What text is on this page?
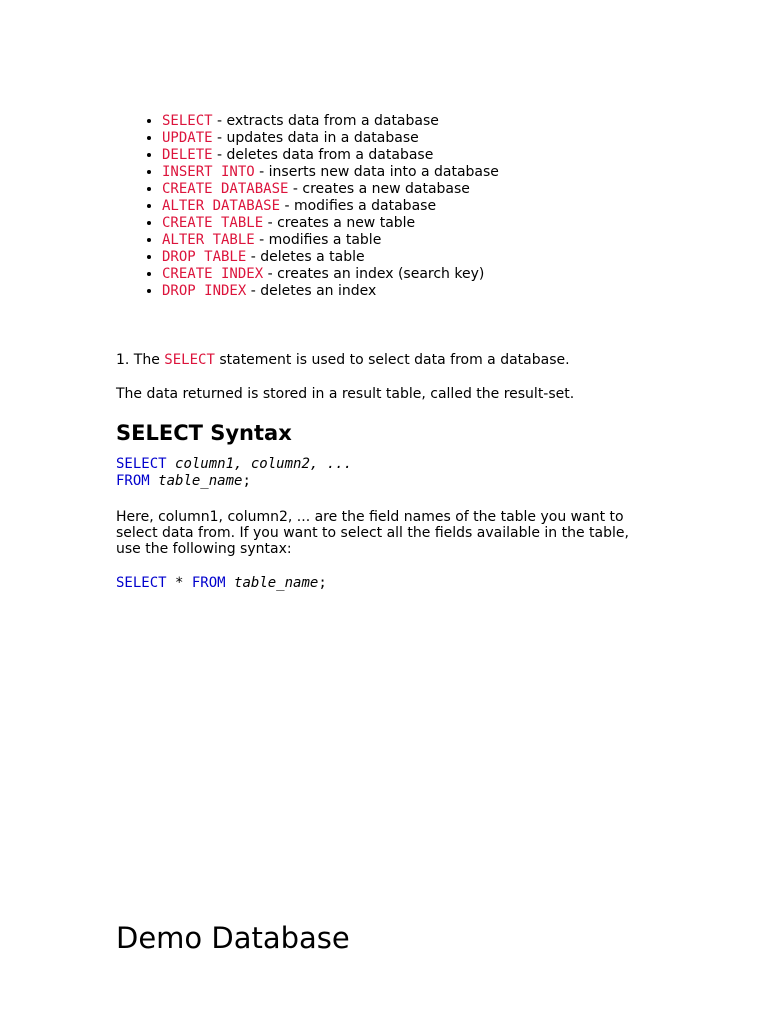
• SELECT - extracts data from a database
• UPDATE - updates data in a database
• DELETE - deletes data from a database
• INSERT INTO - inserts new data into a database
• CREATE DATABASE - creates a new database
• ALTER DATABASE - modifies a database
• CREATE TABLE - creates a new table
• ALTER TABLE - modifies a table
• DROP TABLE - deletes a table
• CREATE INDEX - creates an index (search key)
• DROP INDEX - deletes an index

1. The SELECT statement is used to select data from a database.

The data returned is stored in a result table, called the result-set.

SELECT Syntax
SELECT column1, column2, ...
FROM table_name;

Here, column1, column2, ... are the field names of the table you want to select data from. If you want to select all the fields available in the table, use the following syntax:

SELECT * FROM table_name;
Demo Database
